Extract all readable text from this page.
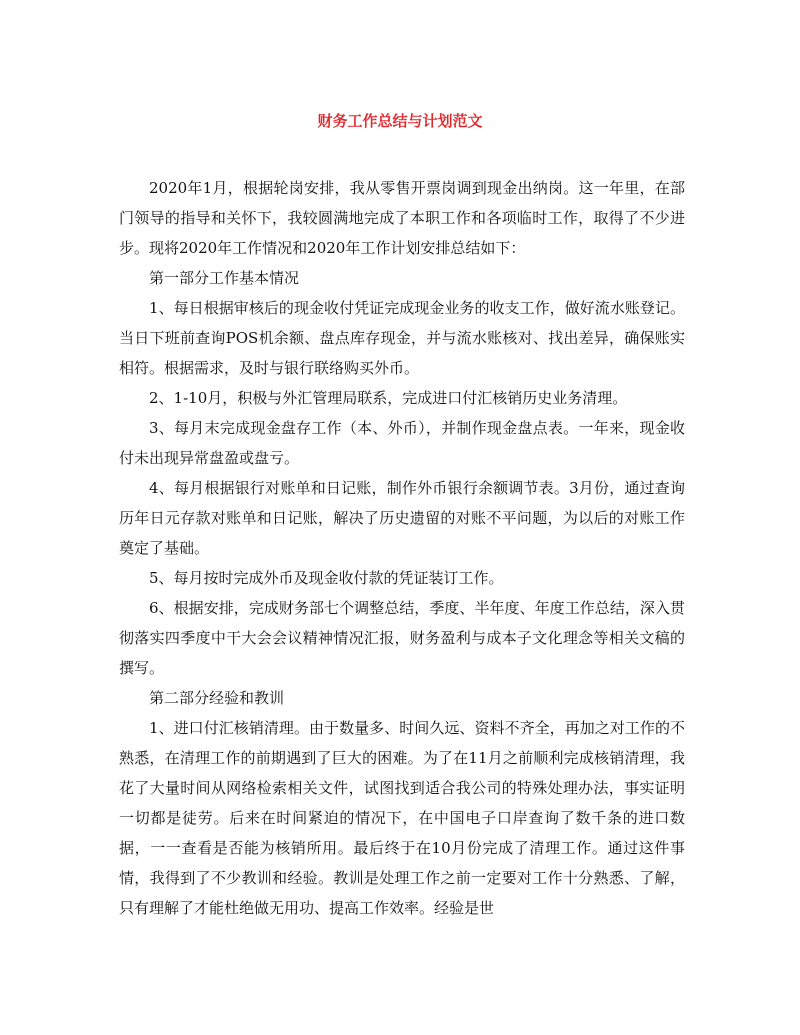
财务工作总结与计划范文

2020年1月，根据轮岗安排，我从零售开票岗调到现金出纳岗。这一年里，在部门领导的指导和关怀下，我较圆满地完成了本职工作和各项临时工作，取得了不少进步。现将2020年工作情况和2020年工作计划安排总结如下：

第一部分工作基本情况

1、每日根据审核后的现金收付凭证完成现金业务的收支工作，做好流水账登记。当日下班前查询POS机余额、盘点库存现金，并与流水账核对、找出差异，确保账实相符。根据需求，及时与银行联络购买外币。

2、1-10月，积极与外汇管理局联系，完成进口付汇核销历史业务清理。

3、每月末完成现金盘存工作（本、外币），并制作现金盘点表。一年来，现金收付未出现异常盘盈或盘亏。

4、每月根据银行对账单和日记账，制作外币银行余额调节表。3月份，通过查询历年日元存款对账单和日记账，解决了历史遗留的对账不平问题，为以后的对账工作奠定了基础。

5、每月按时完成外币及现金收付款的凭证装订工作。

6、根据安排，完成财务部七个调整总结，季度、半年度、年度工作总结，深入贯彻落实四季度中干大会会议精神情况汇报，财务盈利与成本子文化理念等相关文稿的撰写。

第二部分经验和教训

1、进口付汇核销清理。由于数量多、时间久远、资料不齐全，再加之对工作的不熟悉，在清理工作的前期遇到了巨大的困难。为了在11月之前顺利完成核销清理，我花了大量时间从网络检索相关文件，试图找到适合我公司的特殊处理办法，事实证明一切都是徒劳。后来在时间紧迫的情况下，在中国电子口岸查询了数千条的进口数据，一一查看是否能为核销所用。最后终于在10月份完成了清理工作。通过这件事情，我得到了不少教训和经验。教训是处理工作之前一定要对工作十分熟悉、了解，只有理解了才能杜绝做无用功、提高工作效率。经验是世
